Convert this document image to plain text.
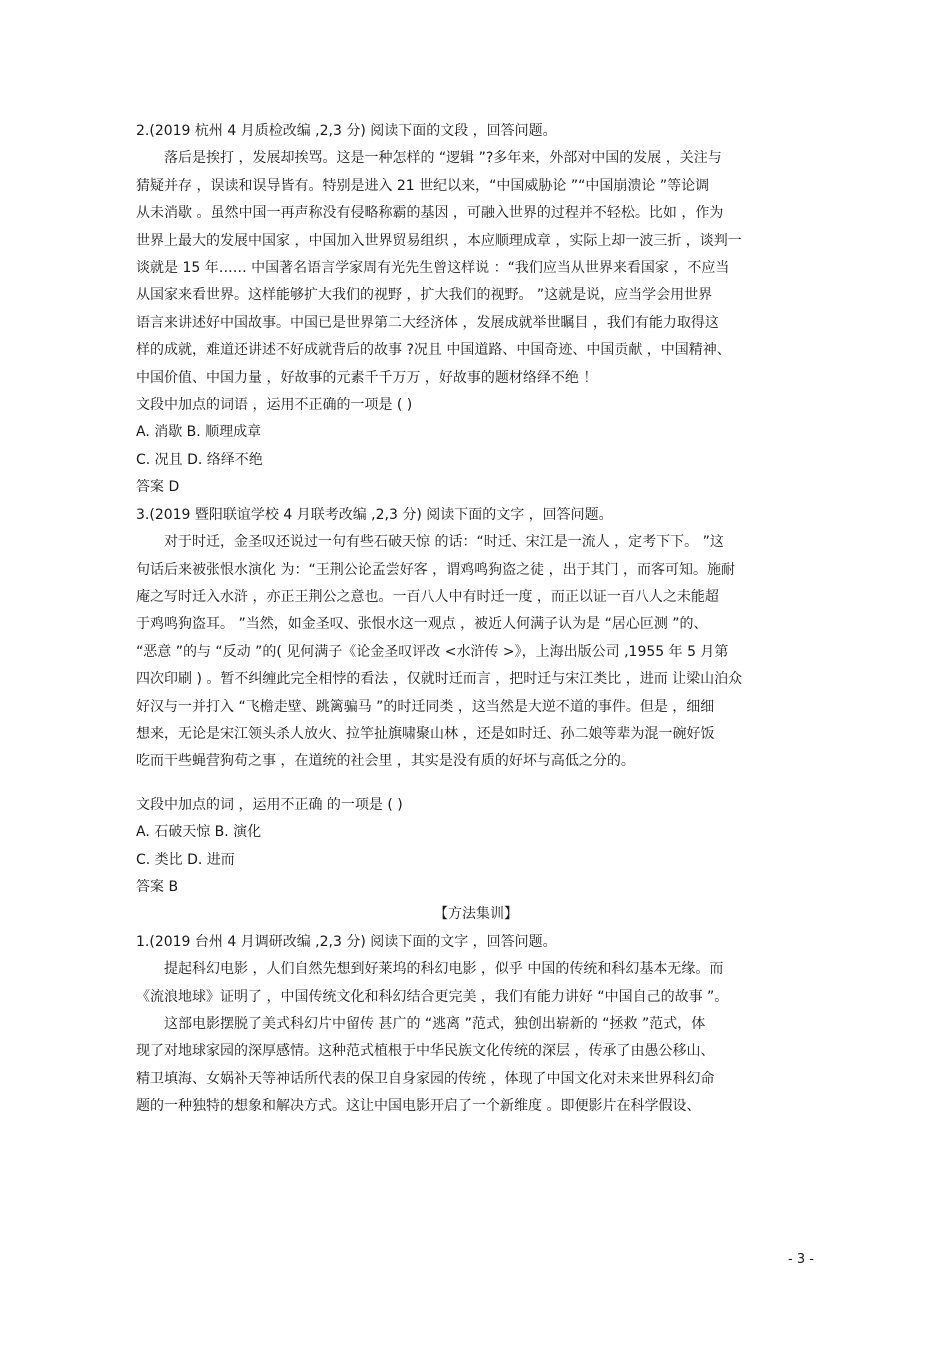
2.(2019 杭州 4 月质检改编 ,2,3 分) 阅读下面的文段 ，回答问题。
落后是挨打 ，发展却挨骂。这是一种怎样的 “逻辑 ”?多年来，外部对中国的发展 ，关注与
猜疑并存 ，误读和误导皆有。特别是进入 21 世纪以来，“中国威胁论 ”“中国崩溃论 ”等论调
从未消歇 。虽然中国一再声称没有侵略称霸的基因 ，可融入世界的过程并不轻松。比如 ，作为
世界上最大的发展中国家 ，中国加入世界贸易组织 ，本应顺理成章 ，实际上却一波三折 ，谈判一
谈就是 15 年…… 中国著名语言学家周有光先生曾这样说 ：“我们应当从世界来看国家 ，不应当
从国家来看世界。这样能够扩大我们的视野 ，扩大我们的视野。 ”这就是说，应当学会用世界
语言来讲述好中国故事。中国已是世界第二大经济体 ，发展成就举世瞩目 ，我们有能力取得这
样的成就，难道还讲述不好成就背后的故事 ?况且 中国道路、中国奇迹、中国贡献 ，中国精神、
中国价值、中国力量 ，好故事的元素千千万万 ，好故事的题材络绎不绝 ！
文段中加点的词语 ，运用不正确的一项是 ( )
A. 消歇 B. 顺理成章
C. 况且 D. 络绎不绝
答案 D
3.(2019 暨阳联谊学校 4 月联考改编 ,2,3 分) 阅读下面的文字 ，回答问题。
对于时迁，金圣叹还说过一句有些石破天惊 的话：“时迁、宋江是一流人 ，定考下下。 ”这
句话后来被张恨水演化 为：“王荆公论孟尝好客 ，谓鸡鸣狗盗之徒 ，出于其门 ，而客可知。施耐
庵之写时迁入水浒 ，亦正王荆公之意也。一百八人中有时迁一度 ，而正以证一百八人之未能超
于鸡鸣狗盗耳。 ”当然，如金圣叹、张恨水这一观点 ，被近人何满子认为是 “居心叵测 ”的、
“恶意 ”的与 “反动 ”的( 见何满子《论金圣叹评改 <水浒传 >》，上海出版公司 ,1955 年 5 月第
四次印刷 ) 。暂不纠缠此完全相悖的看法 ，仅就时迁而言 ，把时迁与宋江类比 ，进而 让梁山泊众
好汉与一并打入 “飞檐走壁、跳篱骗马 ”的时迁同类 ，这当然是大逆不道的事件。但是 ，细细
想来，无论是宋江领头杀人放火、拉竿扯旗啸聚山林 ，还是如时迁、孙二娘等辈为混一碗好饭
吃而干些蝇营狗苟之事 ，在道统的社会里 ，其实是没有质的好坏与高低之分的。
文段中加点的词 ，运用不正确 的一项是 ( )
A. 石破天惊 B. 演化
C. 类比 D. 进而
答案 B
【方法集训】
1.(2019 台州 4 月调研改编 ,2,3 分) 阅读下面的文字 ，回答问题。
提起科幻电影 ，人们自然先想到好莱坞的科幻电影 ，似乎 中国的传统和科幻基本无缘。而
《流浪地球》证明了 ，中国传统文化和科幻结合更完美 ，我们有能力讲好 “中国自己的故事 ”。
这部电影摆脱了美式科幻片中留传 甚广的 “逃离 ”范式，独创出崭新的 “拯救 ”范式，体
现了对地球家园的深厚感情。这种范式植根于中华民族文化传统的深层 ，传承了由愚公移山、
精卫填海、女娲补天等神话所代表的保卫自身家园的传统 ，体现了中国文化对未来世界科幻命
题的一种独特的想象和解决方式。这让中国电影开启了一个新维度 。即便影片在科学假设、
- 3 -
